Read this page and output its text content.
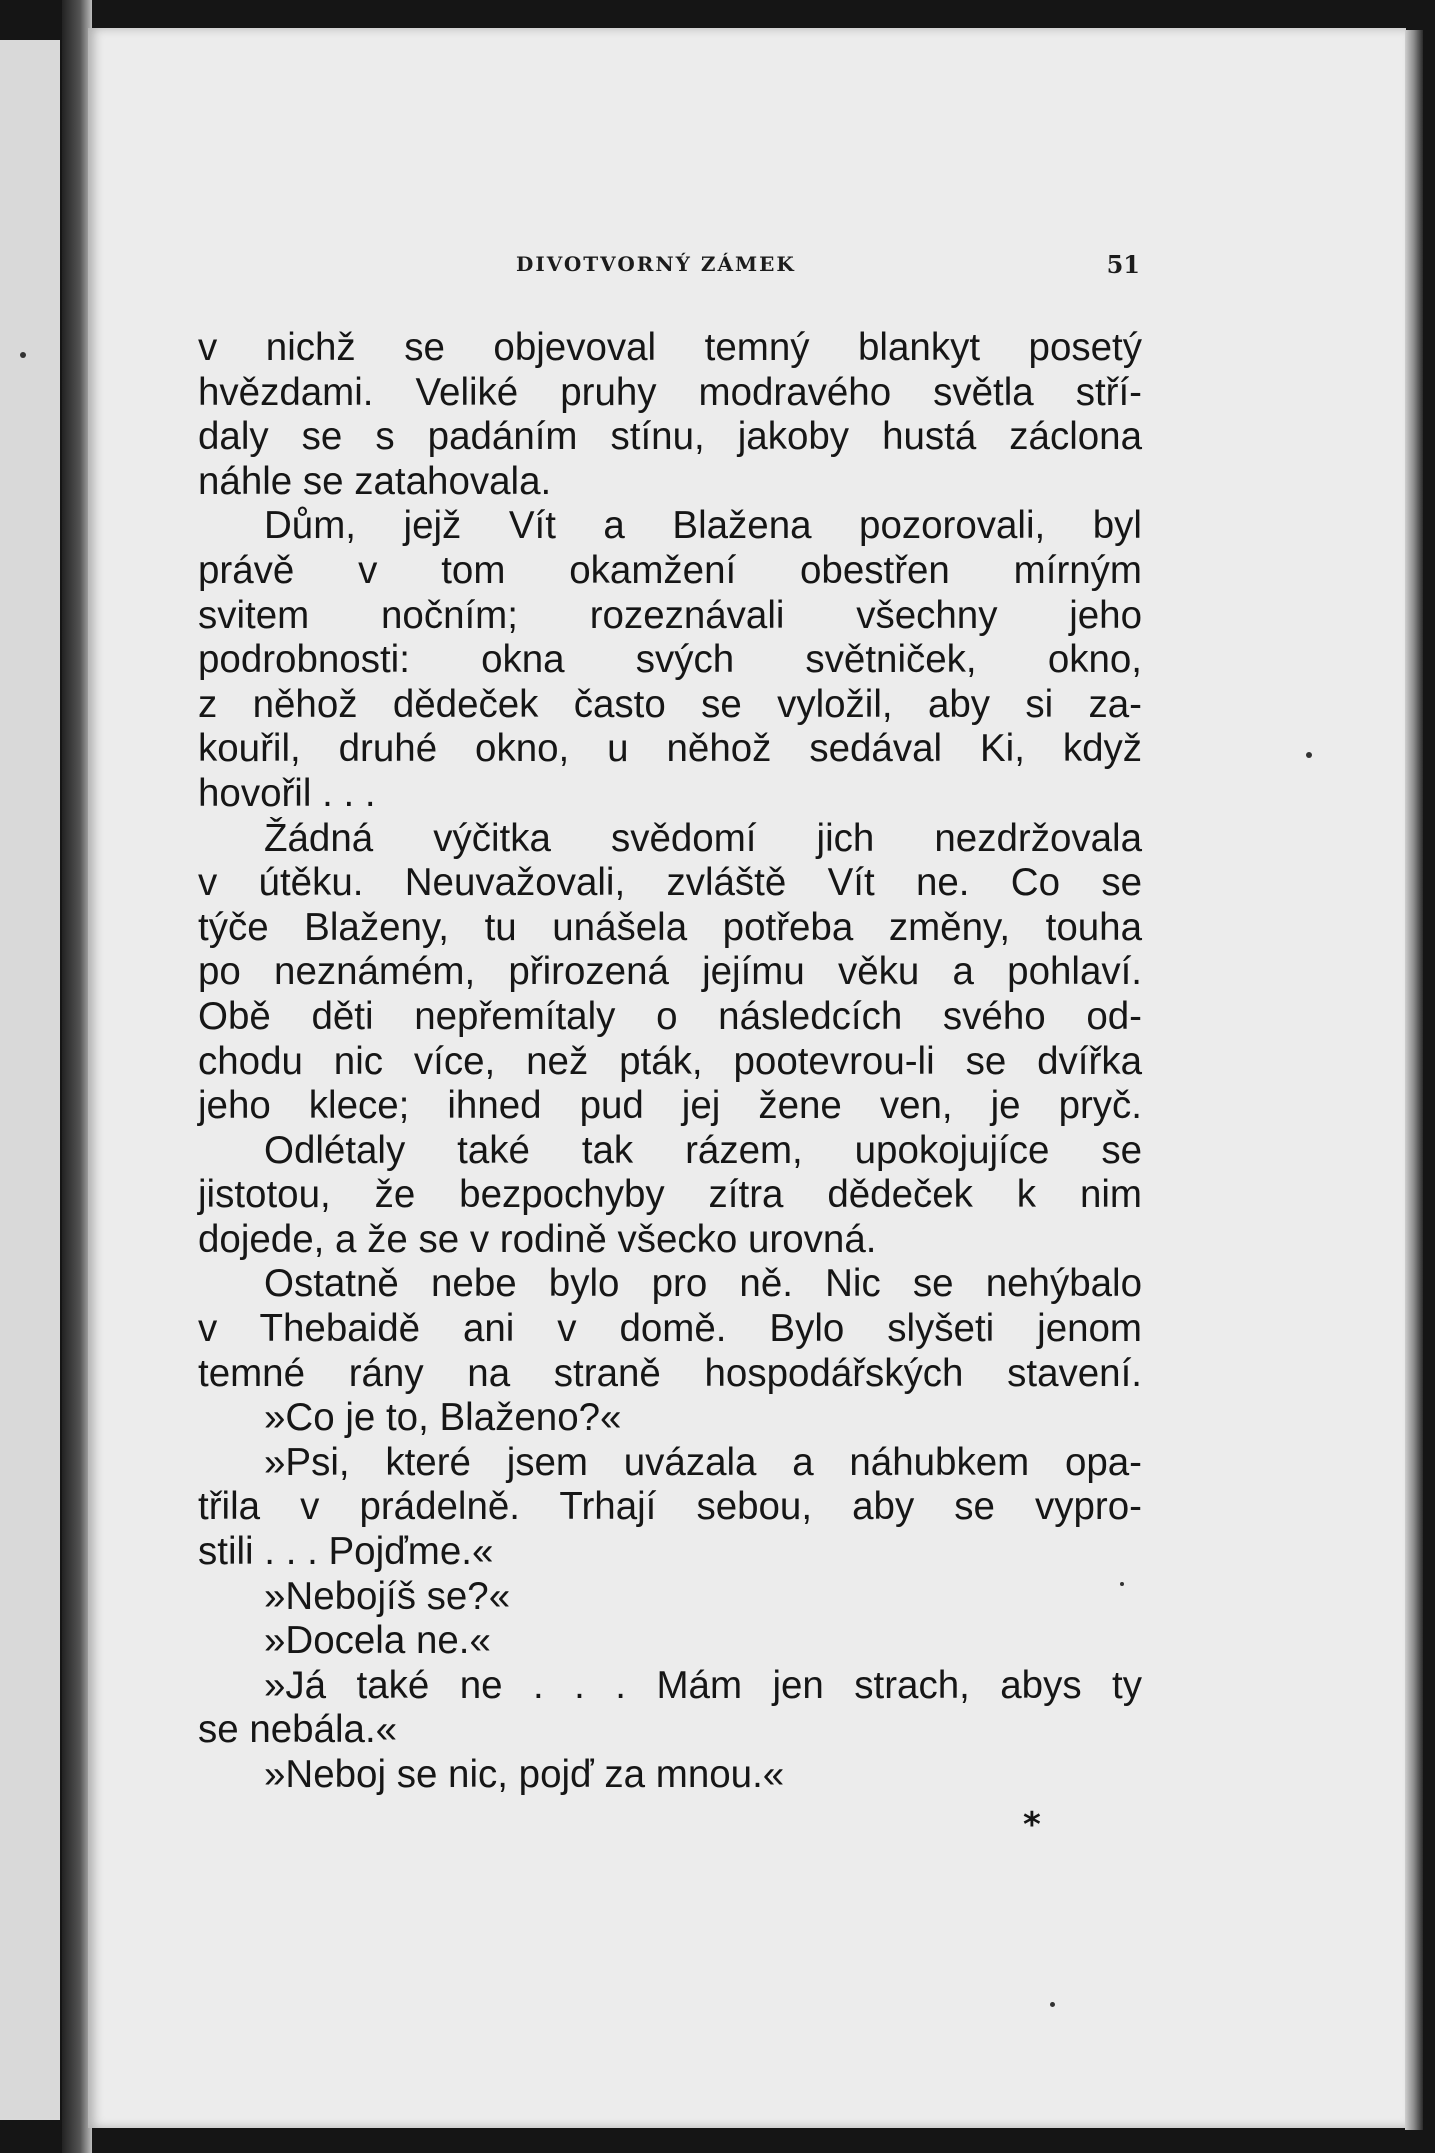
DIVOTVORNÝ ZÁMEK	51
v nichž se objevoval temný blankyt posetý
hvězdami. Veliké pruhy modravého světla stří-
daly se s padáním stínu, jakoby hustá záclona
náhle se zatahovala.
Dům, jejž Vít a Blažena pozorovali, byl
právě v tom okamžení obestřen mírným
svitem nočním; rozeznávali všechny jeho
podrobnosti: okna svých světniček, okno,
z něhož dědeček často se vyložil, aby si za-
kouřil, druhé okno, u něhož sedával Ki, když
hovořil . . .
Žádná výčitka svědomí jich nezdržovala
v útěku. Neuvažovali, zvláště Vít ne. Co se
týče Blaženy, tu unášela potřeba změny, touha
po neznámém, přirozená jejímu věku a pohlaví.
Obě děti nepřemítaly o následcích svého od-
chodu nic více, než pták, pootevrou-li se dvířka
jeho klece; ihned pud jej žene ven, je pryč.
Odlétaly také tak rázem, upokojujíce se
jistotou, že bezpochyby zítra dědeček k nim
dojede, a že se v rodině všecko urovná.
Ostatně nebe bylo pro ně. Nic se nehýbalo
v Thebaidě ani v domě. Bylo slyšeti jenom
temné rány na straně hospodářských stavení.
»Co je to, Blaženo?«
»Psi, které jsem uvázala a náhubkem opa-
třila v prádelně. Trhají sebou, aby se vypro-
stili . . . Pojďme.«
»Nebojíš se?«
»Docela ne.«
»Já také ne . . . Mám jen strach, abys ty
se nebála.«
»Neboj se nic, pojď za mnou.«
*
